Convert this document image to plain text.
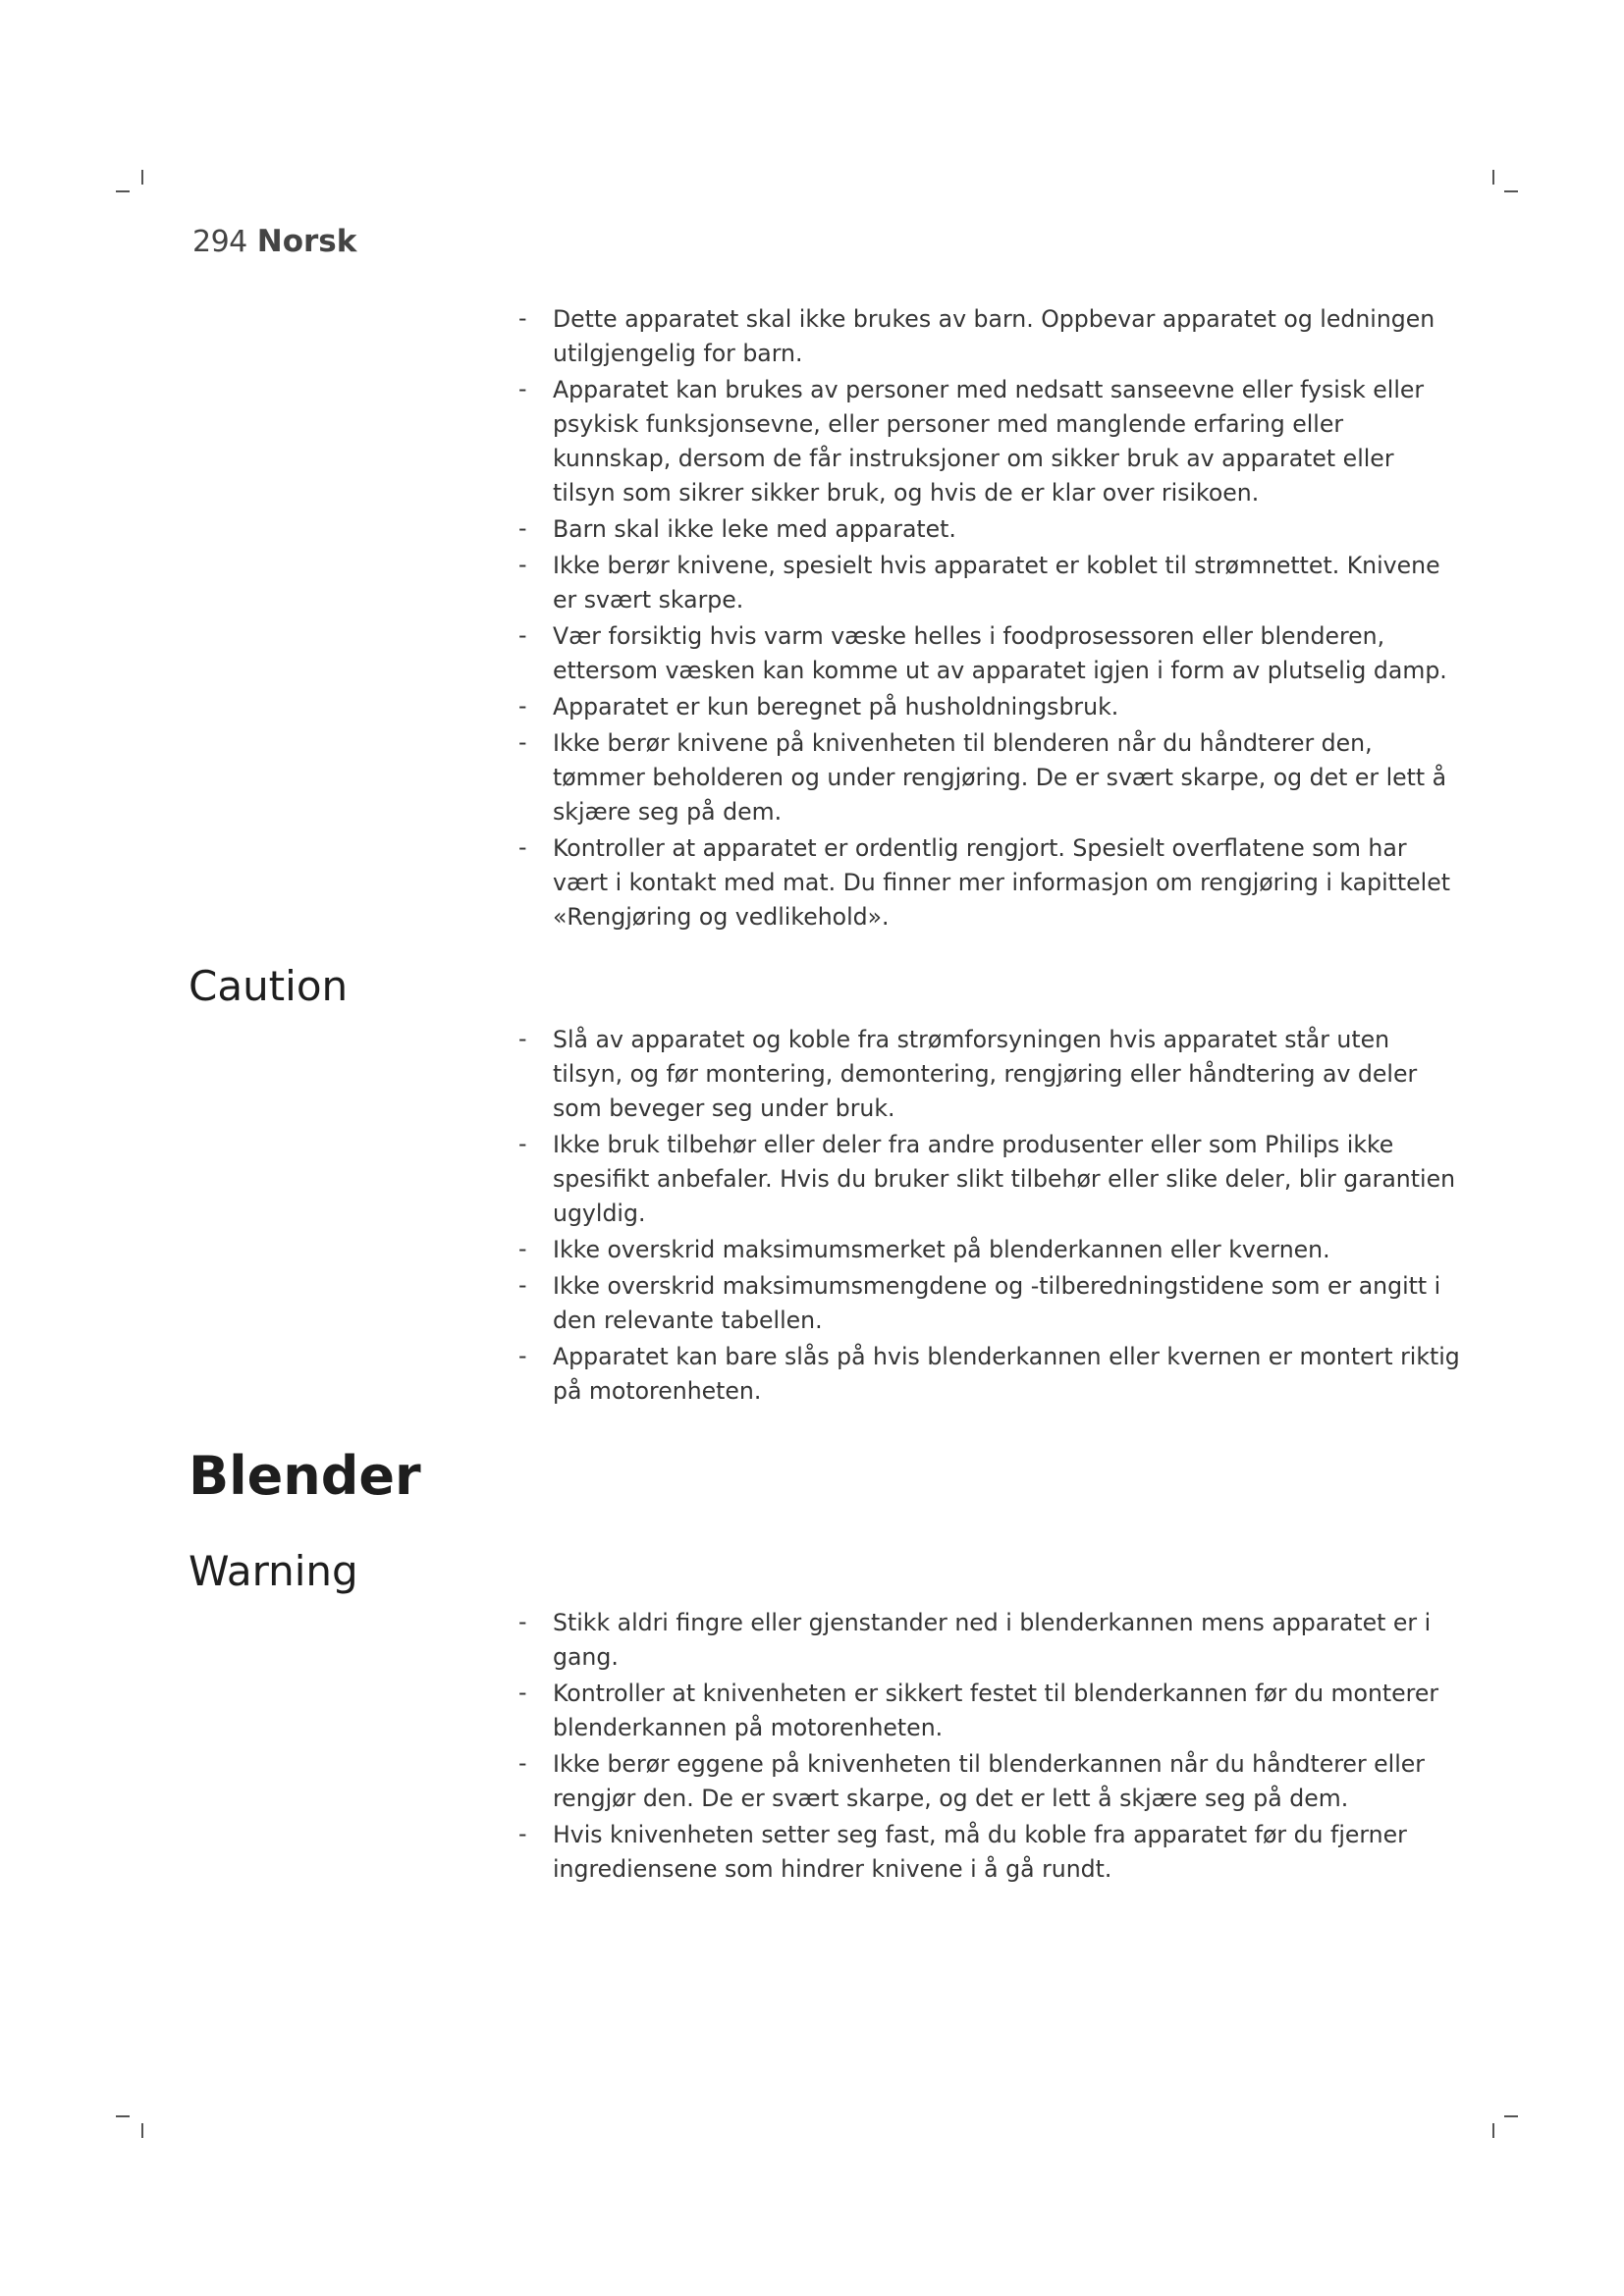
294 Norsk
- Dette apparatet skal ikke brukes av barn. Oppbevar apparatet og ledningen utilgjengelig for barn.
- Apparatet kan brukes av personer med nedsatt sanseevne eller fysisk eller psykisk funksjonsevne, eller personer med manglende erfaring eller kunnskap, dersom de får instruksjoner om sikker bruk av apparatet eller tilsyn som sikrer sikker bruk, og hvis de er klar over risikoen.
- Barn skal ikke leke med apparatet.
- Ikke berør knivene, spesielt hvis apparatet er koblet til strømnettet. Knivene er svært skarpe.
- Vær forsiktig hvis varm væske helles i foodprosessoren eller blenderen, ettersom væsken kan komme ut av apparatet igjen i form av plutselig damp.
- Apparatet er kun beregnet på husholdningsbruk.
- Ikke berør knivene på knivenheten til blenderen når du håndterer den, tømmer beholderen og under rengjøring. De er svært skarpe, og det er lett å skjære seg på dem.
- Kontroller at apparatet er ordentlig rengjort. Spesielt overflatene som har vært i kontakt med mat. Du finner mer informasjon om rengjøring i kapittelet «Rengjøring og vedlikehold».
Caution
- Slå av apparatet og koble fra strømforsyningen hvis apparatet står uten tilsyn, og før montering, demontering, rengjøring eller håndtering av deler som beveger seg under bruk.
- Ikke bruk tilbehør eller deler fra andre produsenter eller som Philips ikke spesifikt anbefaler. Hvis du bruker slikt tilbehør eller slike deler, blir garantien ugyldig.
- Ikke overskrid maksimumsmerket på blenderkannen eller kvernen.
- Ikke overskrid maksimumsmengdene og -tilberedningstidene som er angitt i den relevante tabellen.
- Apparatet kan bare slås på hvis blenderkannen eller kvernen er montert riktig på motorenheten.
Blender
Warning
- Stikk aldri fingre eller gjenstander ned i blenderkannen mens apparatet er i gang.
- Kontroller at knivenheten er sikkert festet til blenderkannen før du monterer blenderkannen på motorenheten.
- Ikke berør eggene på knivenheten til blenderkannen når du håndterer eller rengjør den. De er svært skarpe, og det er lett å skjære seg på dem.
- Hvis knivenheten setter seg fast, må du koble fra apparatet før du fjerner ingrediensene som hindrer knivene i å gå rundt.
